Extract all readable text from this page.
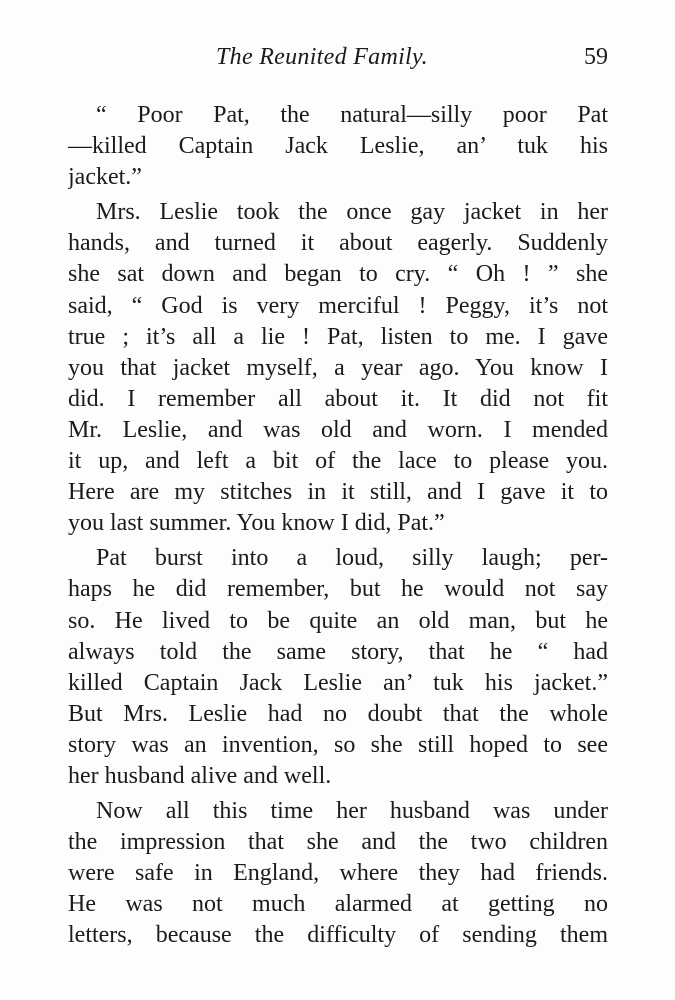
The Reunited Family.	59
“ Poor Pat, the natural—silly poor Pat
—killed Captain Jack Leslie, an’ tuk his
jacket.”
Mrs. Leslie took the once gay jacket in her
hands, and turned it about eagerly. Suddenly
she sat down and began to cry. “ Oh ! ” she
said, “ God is very merciful ! Peggy, it’s not
true ; it’s all a lie ! Pat, listen to me. I gave
you that jacket myself, a year ago. You know I
did. I remember all about it. It did not fit
Mr. Leslie, and was old and worn. I mended
it up, and left a bit of the lace to please you.
Here are my stitches in it still, and I gave it to
you last summer. You know I did, Pat.”
Pat burst into a loud, silly laugh; per-
haps he did remember, but he would not say
so. He lived to be quite an old man, but he
always told the same story, that he “ had
killed Captain Jack Leslie an’ tuk his jacket.”
But Mrs. Leslie had no doubt that the whole
story was an invention, so she still hoped to see
her husband alive and well.
Now all this time her husband was under
the impression that she and the two children
were safe in England, where they had friends.
He was not much alarmed at getting no
letters, because the difficulty of sending them
